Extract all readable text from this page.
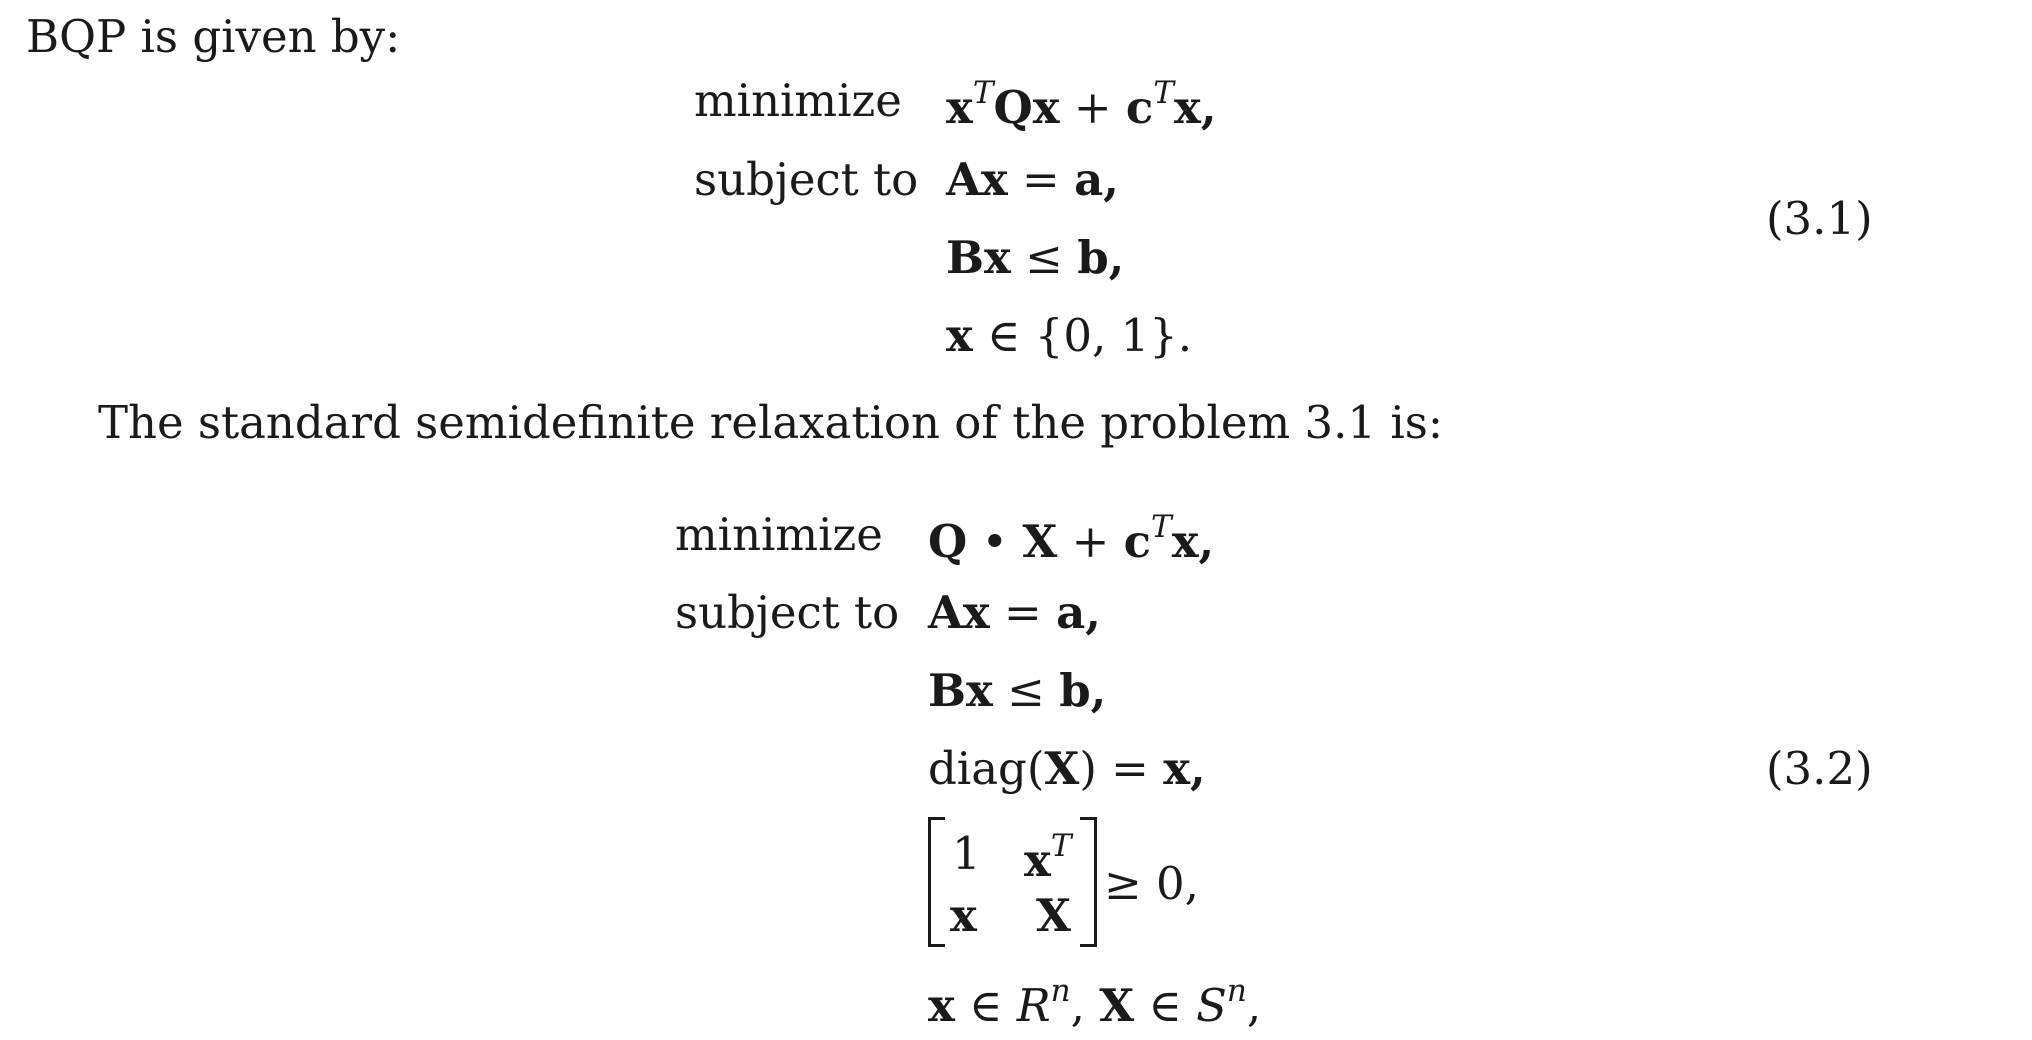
BQP is given by:
minimize $x^TQx + c^Tx$,
subject to Ax = a,
Bx ≤ b,
x ∈ {0, 1}.
(3.1)
The standard semidefinite relaxation of the problem 3.1 is:
minimize Q • $X + c^Tx$,
subject to Ax = a,
Bx ≤ b,
diag(X) = x,
1 $x^T$
x X
≥ 0,
x ∈ $R^n$, X ∈ $S^n$,
(3.2)
